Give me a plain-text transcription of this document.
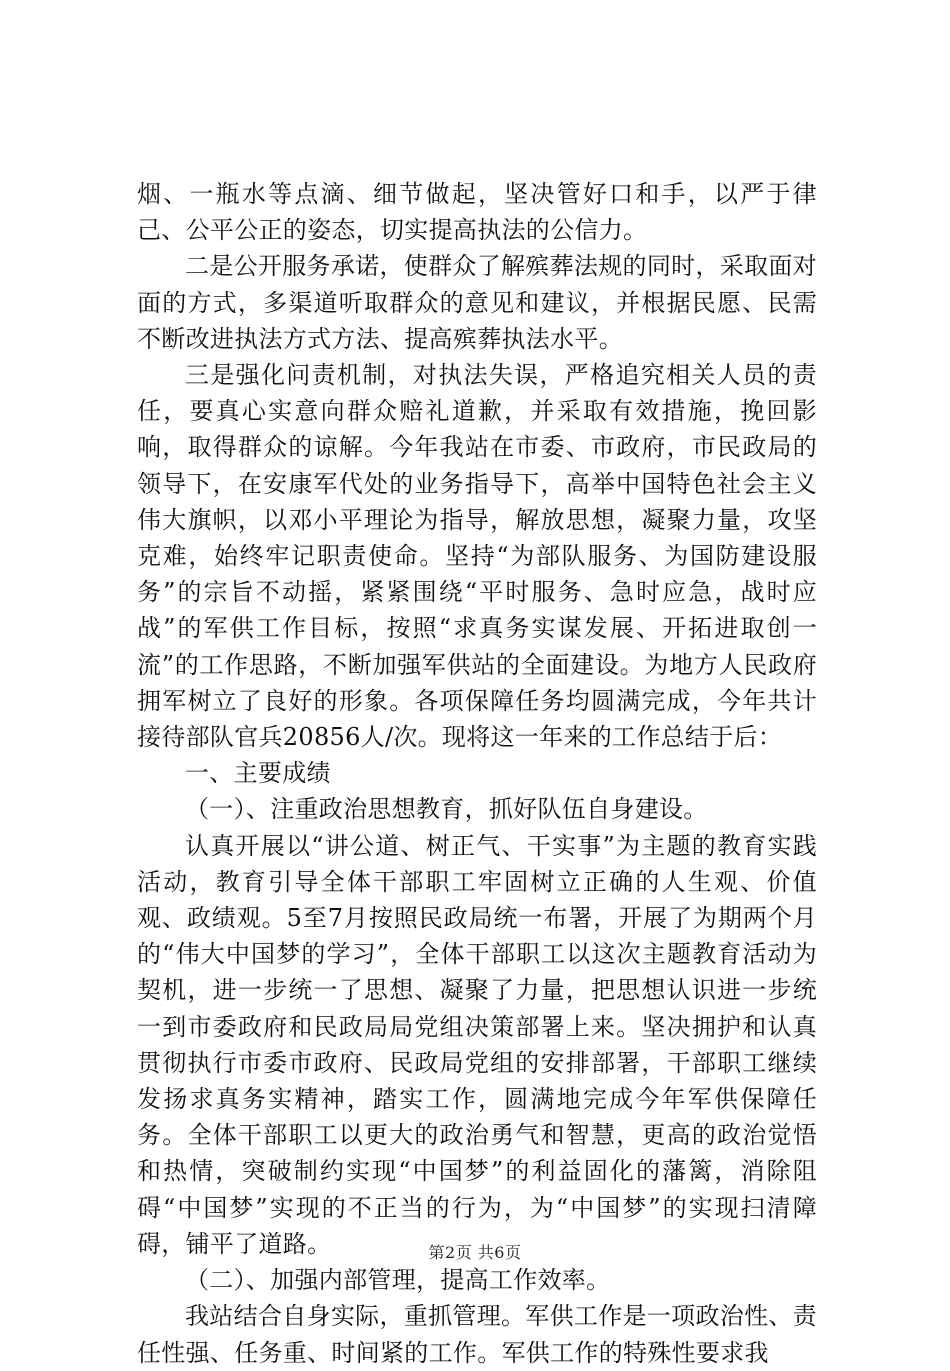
烟、一瓶水等点滴、细节做起，坚决管好口和手，以严于律己、公平公正的姿态，切实提高执法的公信力。

二是公开服务承诺，使群众了解殡葬法规的同时，采取面对面的方式，多渠道听取群众的意见和建议，并根据民愿、民需不断改进执法方式方法、提高殡葬执法水平。

三是强化问责机制，对执法失误，严格追究相关人员的责任，要真心实意向群众赔礼道歉，并采取有效措施，挽回影响，取得群众的谅解。今年我站在市委、市政府，市民政局的领导下，在安康军代处的业务指导下，高举中国特色社会主义伟大旗帜，以邓小平理论为指导，解放思想，凝聚力量，攻坚克难，始终牢记职责使命。坚持“为部队服务、为国防建设服务”的宗旨不动摇，紧紧围绕“平时服务、急时应急，战时应战”的军供工作目标，按照“求真务实谋发展、开拓进取创一流”的工作思路，不断加强军供站的全面建设。为地方人民政府拥军树立了良好的形象。各项保障任务均圆满完成，今年共计接待部队官兵20856人/次。现将这一年来的工作总结于后：

一、主要成绩

（一）、注重政治思想教育，抓好队伍自身建设。

认真开展以“讲公道、树正气、干实事”为主题的教育实践活动，教育引导全体干部职工牢固树立正确的人生观、价值观、政绩观。5至7月按照民政局统一布署，开展了为期两个月的“伟大中国梦的学习”，全体干部职工以这次主题教育活动为契机，进一步统一了思想、凝聚了力量，把思想认识进一步统一到市委政府和民政局局党组决策部署上来。坚决拥护和认真贯彻执行市委市政府、民政局党组的安排部署，干部职工继续发扬求真务实精神，踏实工作，圆满地完成今年军供保障任务。全体干部职工以更大的政治勇气和智慧，更高的政治觉悟和热情，突破制约实现“中国梦”的利益固化的藩篱，消除阻碍“中国梦”实现的不正当的行为，为“中国梦”的实现扫清障碍，铺平了道路。

（二）、加强内部管理，提高工作效率。

我站结合自身实际，重抓管理。军供工作是一项政治性、责任性强、任务重、时间紧的工作。军供工作的特殊性要求我

第2页 共6页
